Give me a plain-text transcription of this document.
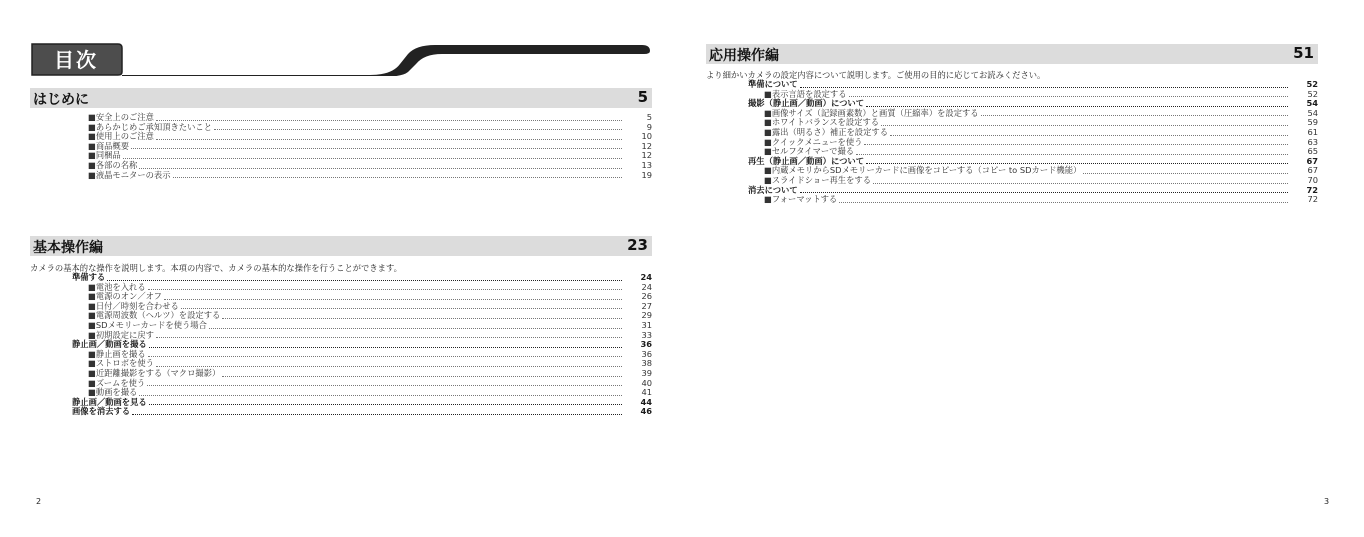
目次
はじめに	5
■安全上のご注意	5
■あらかじめご承知頂きたいこと	9
■使用上のご注意	10
■商品概要	12
■同梱品	12
■各部の名称	13
■液晶モニターの表示	19
基本操作編	23
カメラの基本的な操作を説明します。本項の内容で、カメラの基本的な操作を行うことができます。
準備する	24
■電池を入れる	24
■電源のオン／オフ	26
■日付／時刻を合わせる	27
■電源周波数（ヘルツ）を設定する	29
■SDメモリーカードを使う場合	31
■初期設定に戻す	33
静止画／動画を撮る	36
■静止画を撮る	36
■ストロボを使う	38
■近距離撮影をする（マクロ撮影）	39
■ズームを使う	40
■動画を撮る	41
静止画／動画を見る	44
画像を消去する	46
2
応用操作編	51
より細かいカメラの設定内容について説明します。ご使用の目的に応じてお読みください。
準備について	52
■表示言語を設定する	52
撮影（静止画／動画）について	54
■画像サイズ（記録画素数）と画質（圧縮率）を設定する	54
■ホワイトバランスを設定する	59
■露出（明るさ）補正を設定する	61
■クイックメニューを使う	63
■セルフタイマーで撮る	65
再生（静止画／動画）について	67
■内蔵メモリからSDメモリーカードに画像をコピーする（コピー to SDカード機能）	67
■スライドショー再生をする	70
消去について	72
■フォーマットする	72
3
